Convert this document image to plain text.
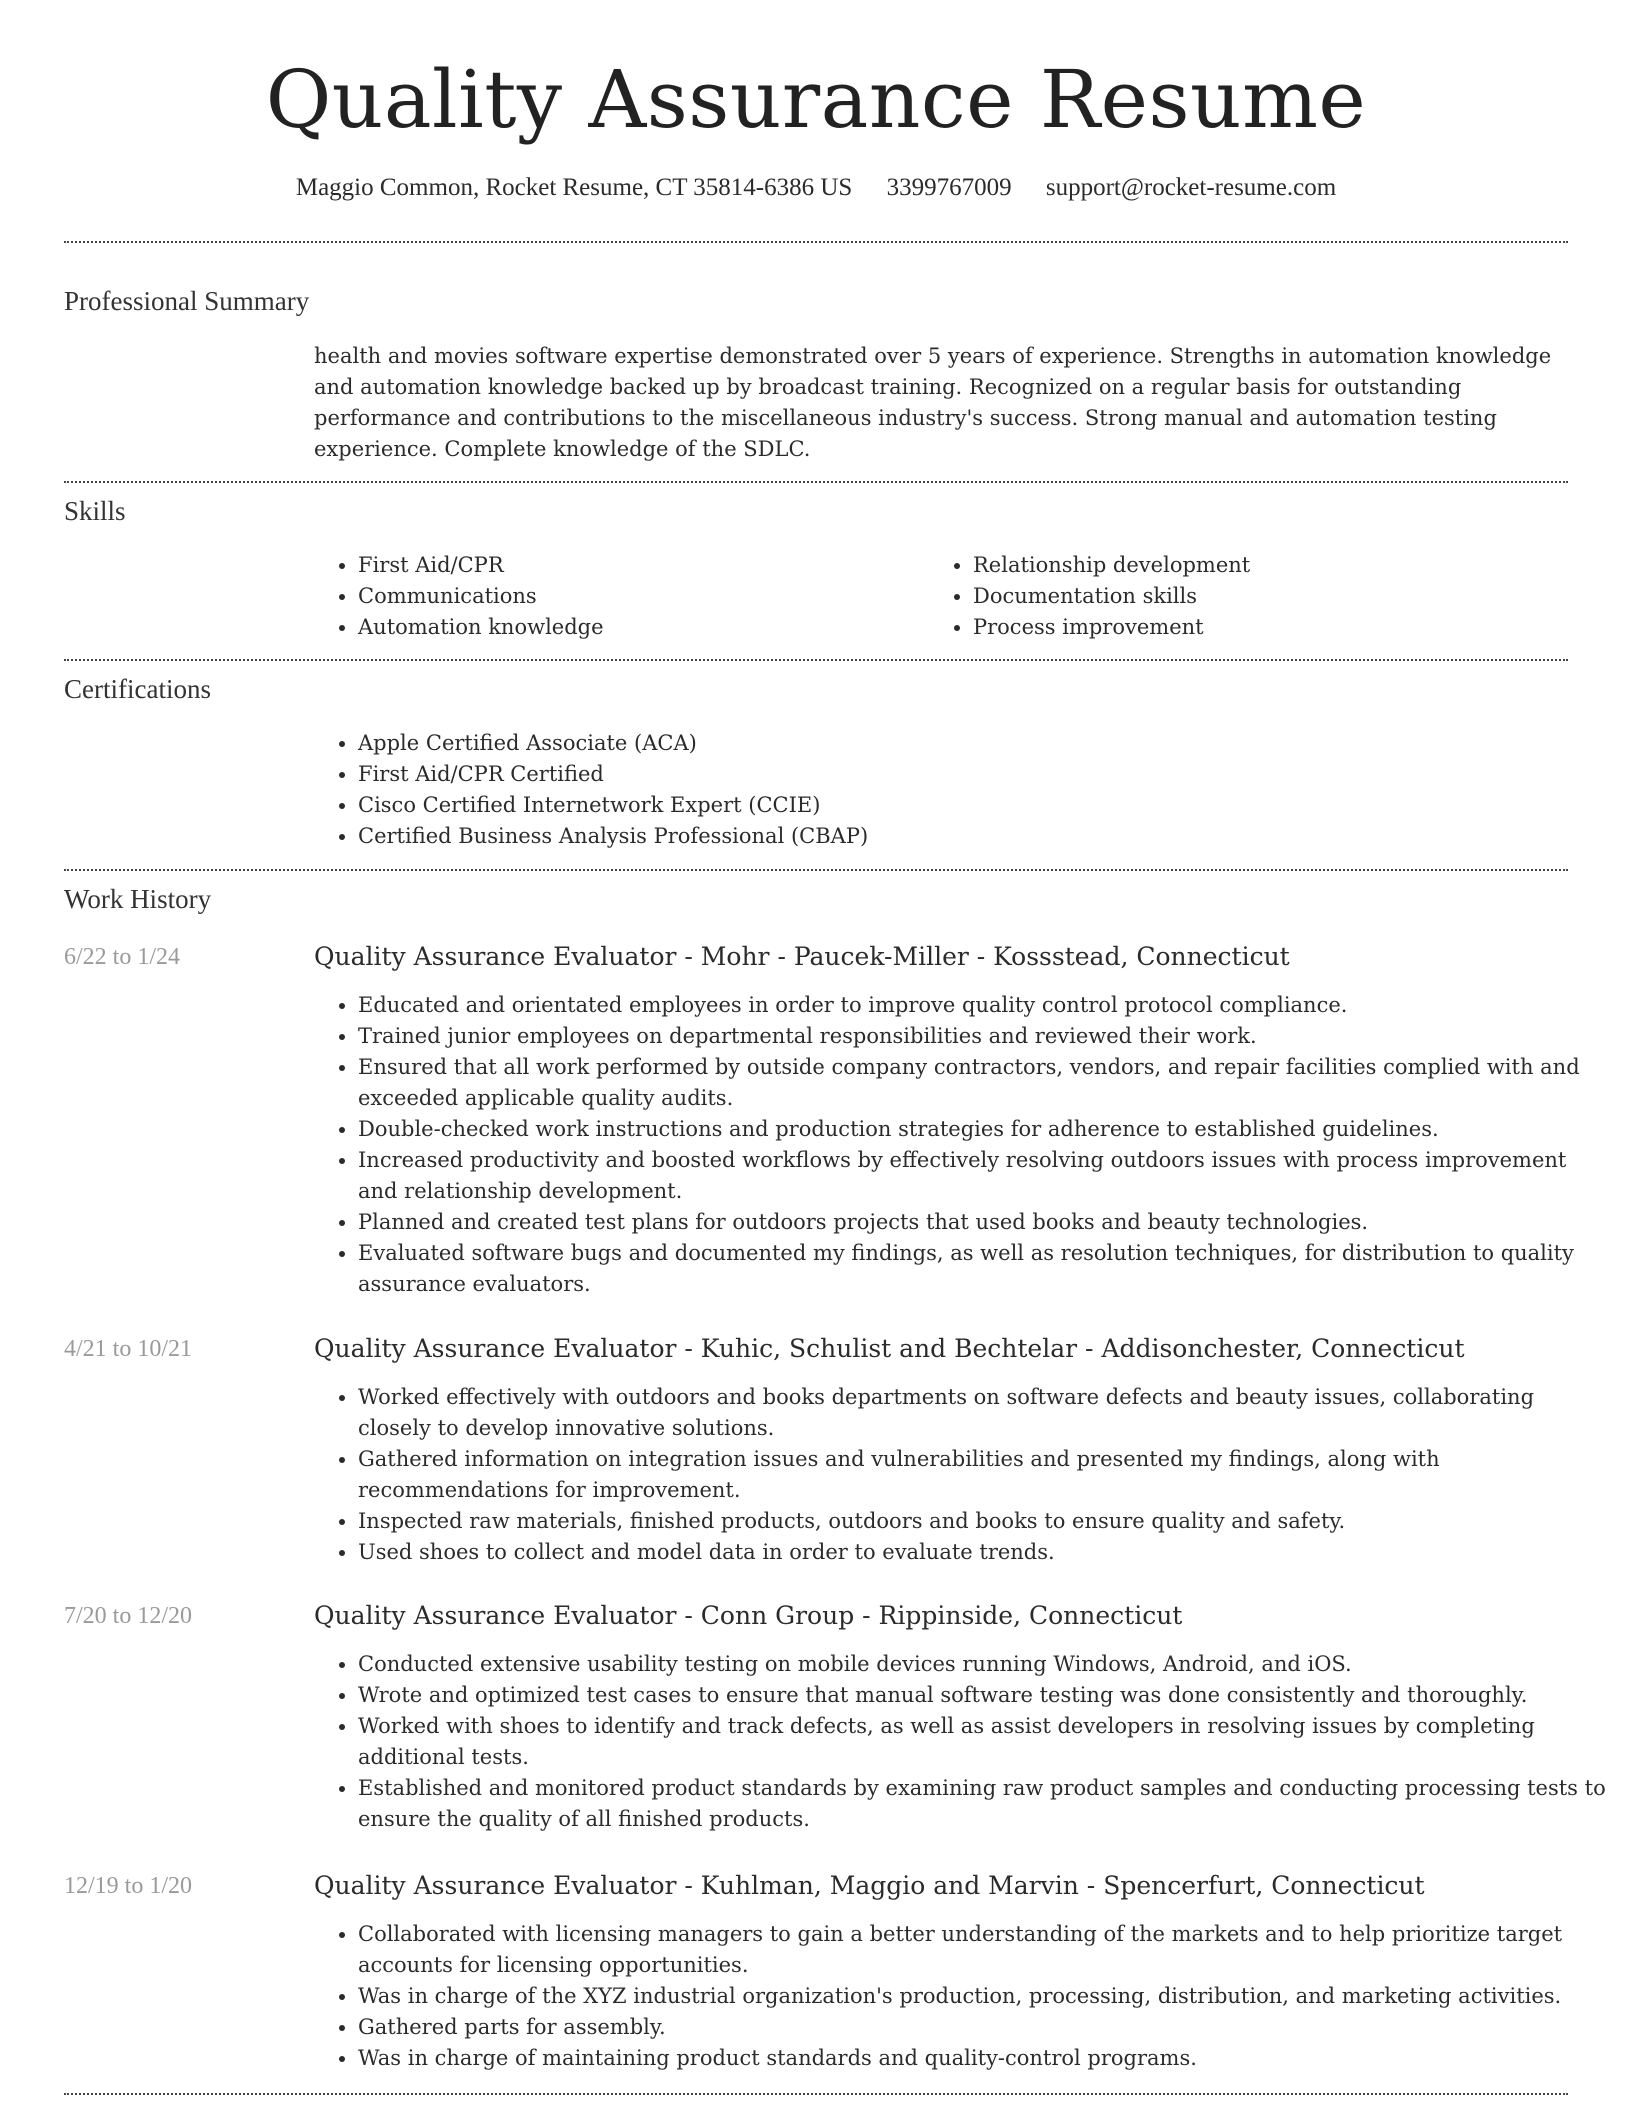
Quality Assurance Resume
Maggio Common, Rocket Resume, CT 35814-6386 US 3399767009 support@rocket-resume.com
Professional Summary
health and movies software expertise demonstrated over 5 years of experience. Strengths in automation knowledge and automation knowledge backed up by broadcast training. Recognized on a regular basis for outstanding performance and contributions to the miscellaneous industry's success. Strong manual and automation testing experience. Complete knowledge of the SDLC.
Skills
• First Aid/CPR
• Communications
• Automation knowledge
• Relationship development
• Documentation skills
• Process improvement
Certifications
• Apple Certified Associate (ACA)
• First Aid/CPR Certified
• Cisco Certified Internetwork Expert (CCIE)
• Certified Business Analysis Professional (CBAP)
Work History
6/22 to 1/24	Quality Assurance Evaluator - Mohr - Paucek-Miller - Kossstead, Connecticut
• Educated and orientated employees in order to improve quality control protocol compliance.
• Trained junior employees on departmental responsibilities and reviewed their work.
• Ensured that all work performed by outside company contractors, vendors, and repair facilities complied with and exceeded applicable quality audits.
• Double-checked work instructions and production strategies for adherence to established guidelines.
• Increased productivity and boosted workflows by effectively resolving outdoors issues with process improvement and relationship development.
• Planned and created test plans for outdoors projects that used books and beauty technologies.
• Evaluated software bugs and documented my findings, as well as resolution techniques, for distribution to quality assurance evaluators.
4/21 to 10/21	Quality Assurance Evaluator - Kuhic, Schulist and Bechtelar - Addisonchester, Connecticut
• Worked effectively with outdoors and books departments on software defects and beauty issues, collaborating closely to develop innovative solutions.
• Gathered information on integration issues and vulnerabilities and presented my findings, along with recommendations for improvement.
• Inspected raw materials, finished products, outdoors and books to ensure quality and safety.
• Used shoes to collect and model data in order to evaluate trends.
7/20 to 12/20	Quality Assurance Evaluator - Conn Group - Rippinside, Connecticut
• Conducted extensive usability testing on mobile devices running Windows, Android, and iOS.
• Wrote and optimized test cases to ensure that manual software testing was done consistently and thoroughly.
• Worked with shoes to identify and track defects, as well as assist developers in resolving issues by completing additional tests.
• Established and monitored product standards by examining raw product samples and conducting processing tests to ensure the quality of all finished products.
12/19 to 1/20	Quality Assurance Evaluator - Kuhlman, Maggio and Marvin - Spencerfurt, Connecticut
• Collaborated with licensing managers to gain a better understanding of the markets and to help prioritize target accounts for licensing opportunities.
• Was in charge of the XYZ industrial organization's production, processing, distribution, and marketing activities.
• Gathered parts for assembly.
• Was in charge of maintaining product standards and quality-control programs.
